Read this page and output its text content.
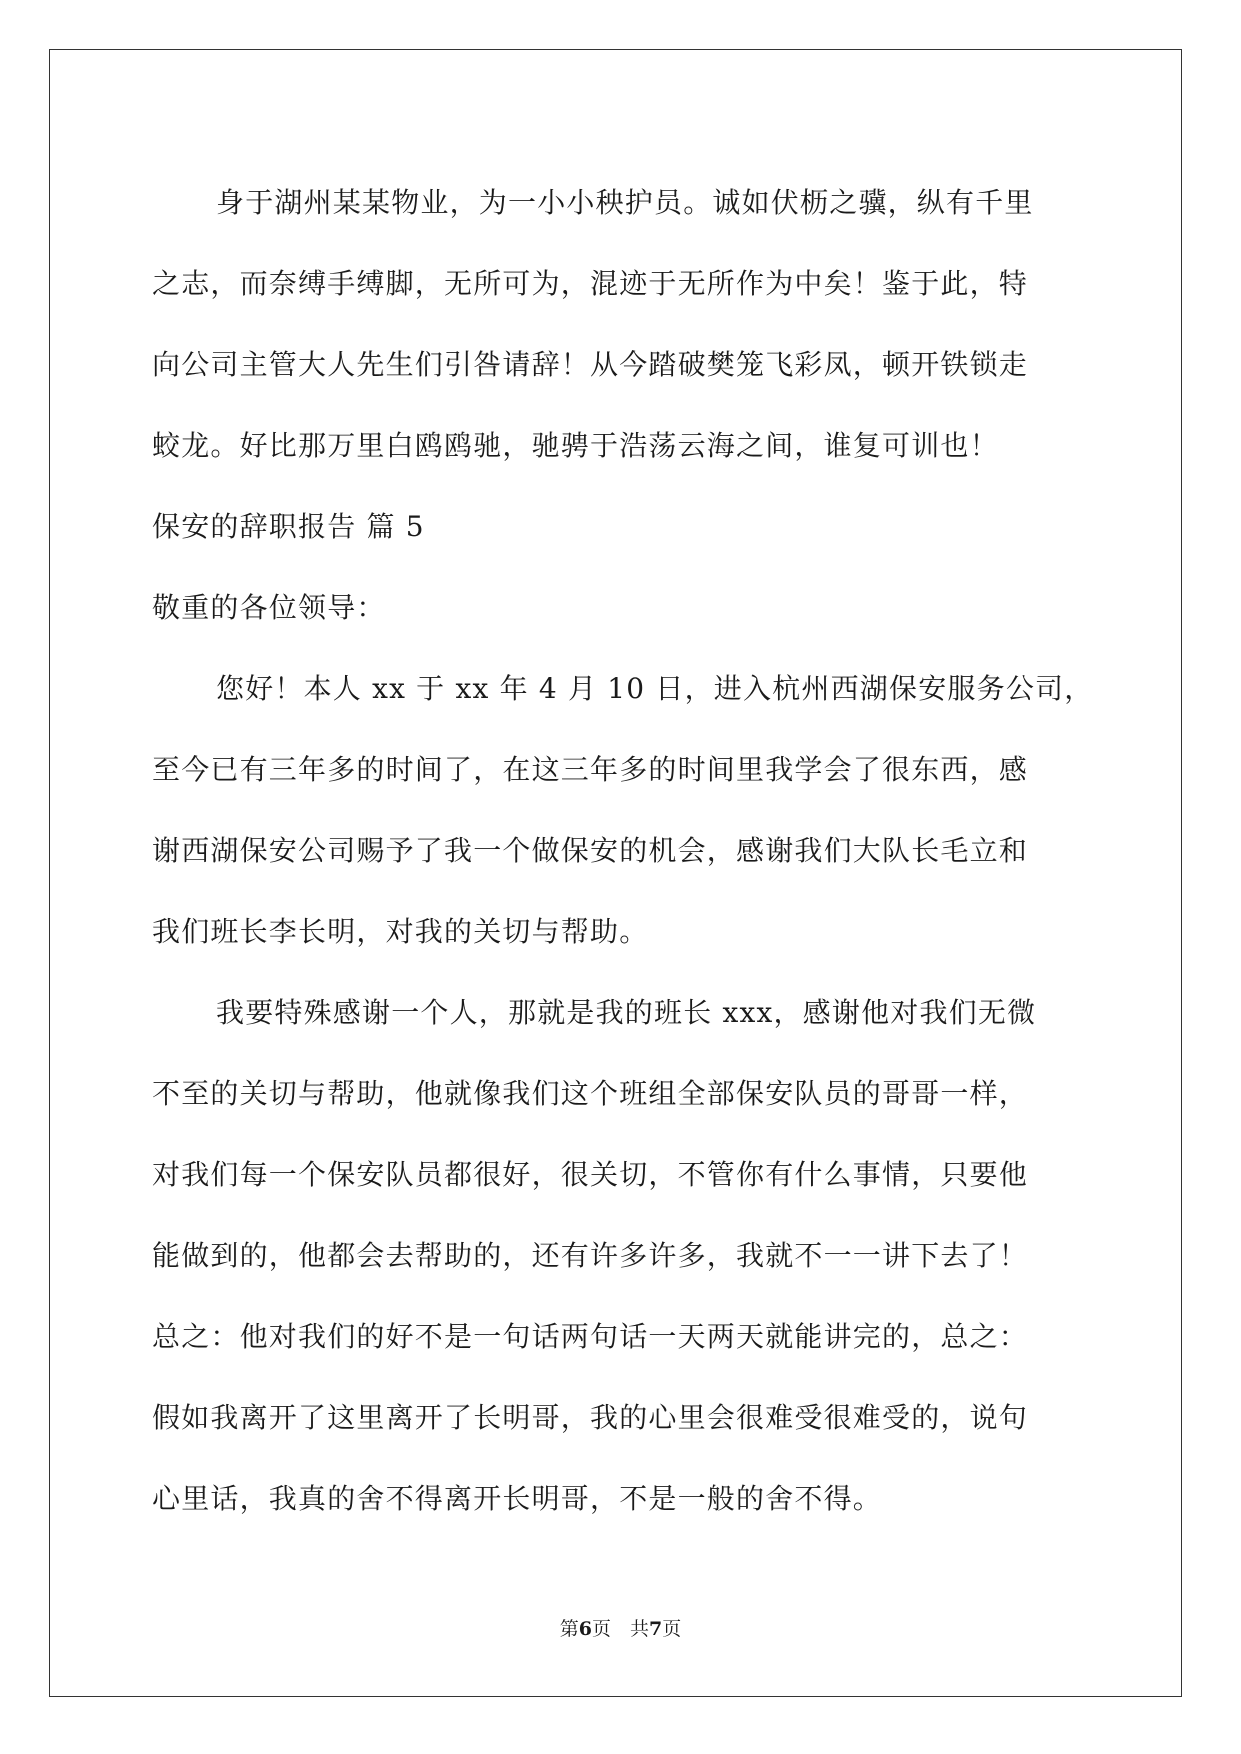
身于湖州某某物业，为一小小秧护员。诚如伏枥之骥，纵有千里
之志，而奈缚手缚脚，无所可为，混迹于无所作为中矣！鉴于此，特
向公司主管大人先生们引咎请辞！从今踏破樊笼飞彩凤，顿开铁锁走
蛟龙。好比那万里白鸥鸥驰，驰骋于浩荡云海之间，谁复可训也！
保安的辞职报告 篇 5
敬重的各位领导：
您好！本人 xx 于 xx 年 4 月 10 日，进入杭州西湖保安服务公司，
至今已有三年多的时间了，在这三年多的时间里我学会了很东西，感
谢西湖保安公司赐予了我一个做保安的机会，感谢我们大队长毛立和
我们班长李长明，对我的关切与帮助。
我要特殊感谢一个人，那就是我的班长 xxx，感谢他对我们无微
不至的关切与帮助，他就像我们这个班组全部保安队员的哥哥一样，
对我们每一个保安队员都很好，很关切，不管你有什么事情，只要他
能做到的，他都会去帮助的，还有许多许多，我就不一一讲下去了！
总之：他对我们的好不是一句话两句话一天两天就能讲完的，总之：
假如我离开了这里离开了长明哥，我的心里会很难受很难受的，说句
心里话，我真的舍不得离开长明哥，不是一般的舍不得。
第6页　共7页
